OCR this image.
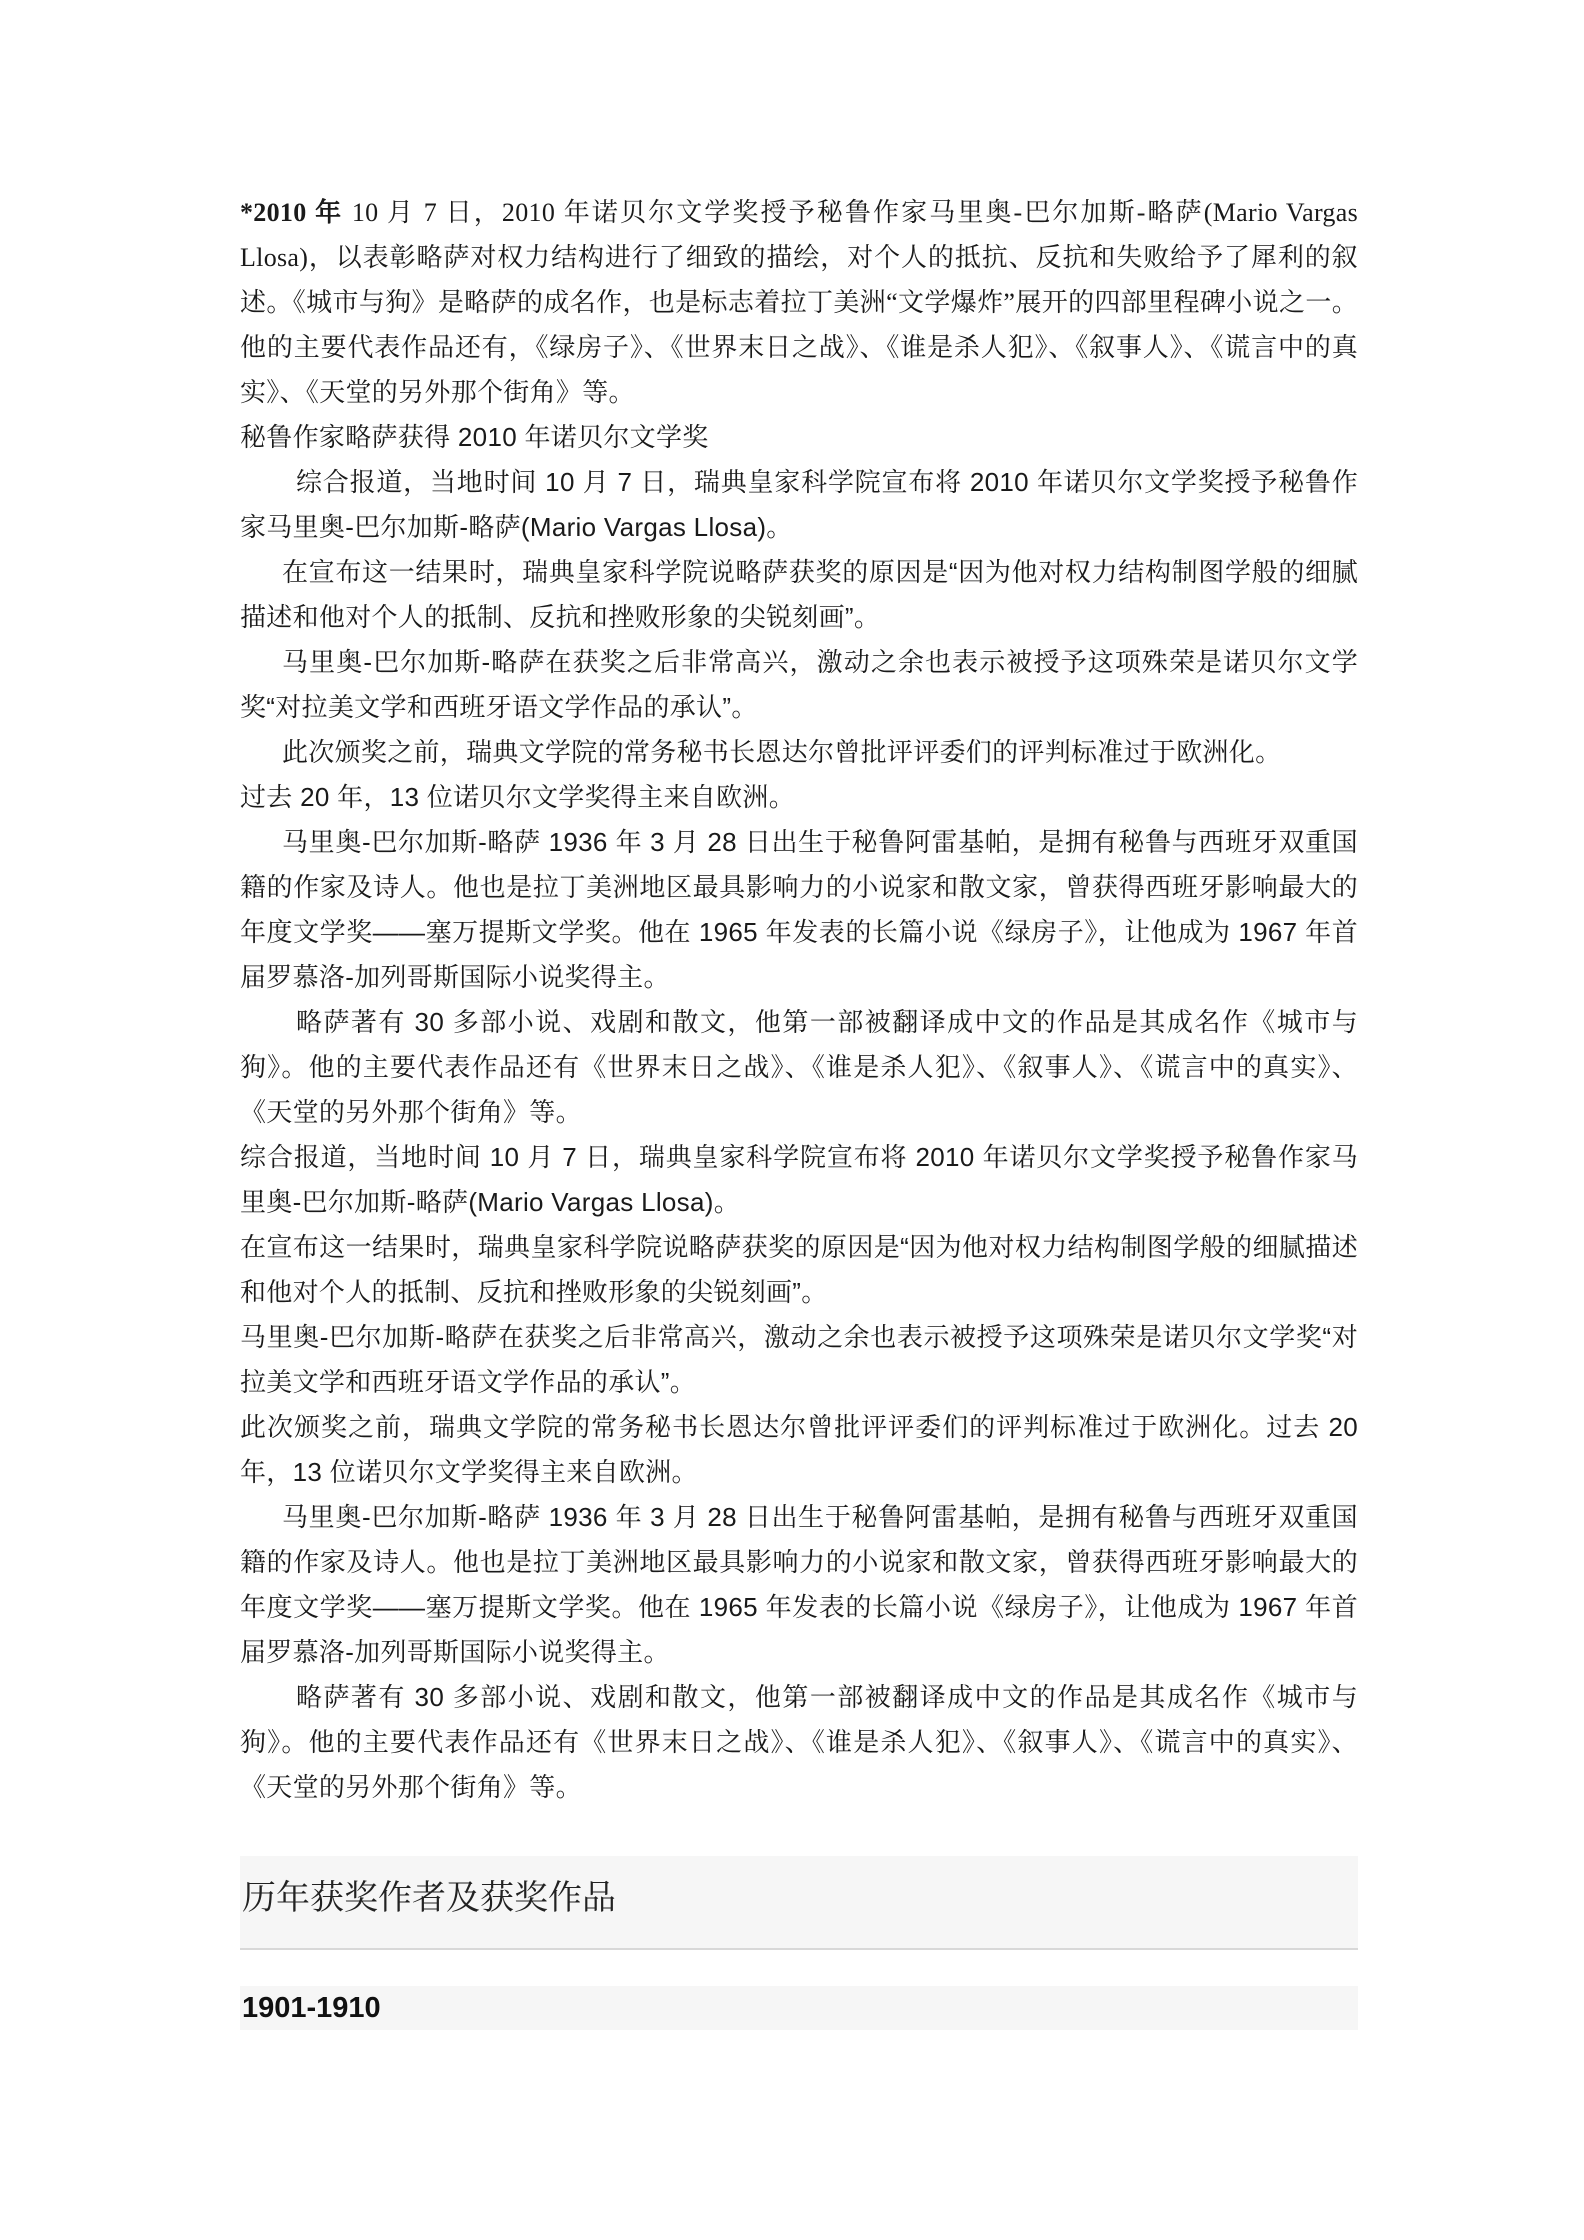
*2010 年 10 月 7 日，2010 年诺贝尔文学奖授予秘鲁作家马里奥-巴尔加斯-略萨(Mario Vargas Llosa)，以表彰略萨对权力结构进行了细致的描绘，对个人的抵抗、反抗和失败给予了犀利的叙述。《城市与狗》是略萨的成名作，也是标志着拉丁美洲“文学爆炸”展开的四部里程碑小说之一。他的主要代表作品还有，《绿房子》、《世界末日之战》、《谁是杀人犯》、《叙事人》、《谎言中的真实》、《天堂的另外那个街角》等。

秘鲁作家略萨获得 2010 年诺贝尔文学奖

综合报道，当地时间 10 月 7 日，瑞典皇家科学院宣布将 2010 年诺贝尔文学奖授予秘鲁作家马里奥-巴尔加斯-略萨(Mario Vargas Llosa)。

在宣布这一结果时，瑞典皇家科学院说略萨获奖的原因是“因为他对权力结构制图学般的细腻描述和他对个人的抵制、反抗和挫败形象的尖锐刻画”。

马里奥-巴尔加斯-略萨在获奖之后非常高兴，激动之余也表示被授予这项殊荣是诺贝尔文学奖“对拉美文学和西班牙语文学作品的承认”。

此次颁奖之前，瑞典文学院的常务秘书长恩达尔曾批评评委们的评判标准过于欧洲化。

过去 20 年，13 位诺贝尔文学奖得主来自欧洲。

马里奥-巴尔加斯-略萨 1936 年 3 月 28 日出生于秘鲁阿雷基帕，是拥有秘鲁与西班牙双重国籍的作家及诗人。他也是拉丁美洲地区最具影响力的小说家和散文家，曾获得西班牙影响最大的年度文学奖——塞万提斯文学奖。他在 1965 年发表的长篇小说《绿房子》，让他成为 1967 年首届罗慕洛-加列哥斯国际小说奖得主。

略萨著有 30 多部小说、戏剧和散文，他第一部被翻译成中文的作品是其成名作《城市与狗》。他的主要代表作品还有《世界末日之战》、《谁是杀人犯》、《叙事人》、《谎言中的真实》、《天堂的另外那个街角》等。

综合报道，当地时间 10 月 7 日，瑞典皇家科学院宣布将 2010 年诺贝尔文学奖授予秘鲁作家马里奥-巴尔加斯-略萨(Mario Vargas Llosa)。

在宣布这一结果时，瑞典皇家科学院说略萨获奖的原因是“因为他对权力结构制图学般的细腻描述和他对个人的抵制、反抗和挫败形象的尖锐刻画”。

马里奥-巴尔加斯-略萨在获奖之后非常高兴，激动之余也表示被授予这项殊荣是诺贝尔文学奖“对拉美文学和西班牙语文学作品的承认”。

此次颁奖之前，瑞典文学院的常务秘书长恩达尔曾批评评委们的评判标准过于欧洲化。过去 20 年，13 位诺贝尔文学奖得主来自欧洲。

马里奥-巴尔加斯-略萨 1936 年 3 月 28 日出生于秘鲁阿雷基帕，是拥有秘鲁与西班牙双重国籍的作家及诗人。他也是拉丁美洲地区最具影响力的小说家和散文家，曾获得西班牙影响最大的年度文学奖——塞万提斯文学奖。他在 1965 年发表的长篇小说《绿房子》，让他成为 1967 年首届罗慕洛-加列哥斯国际小说奖得主。

略萨著有 30 多部小说、戏剧和散文，他第一部被翻译成中文的作品是其成名作《城市与狗》。他的主要代表作品还有《世界末日之战》、《谁是杀人犯》、《叙事人》、《谎言中的真实》、《天堂的另外那个街角》等。

历年获奖作者及获奖作品
1901-1910
